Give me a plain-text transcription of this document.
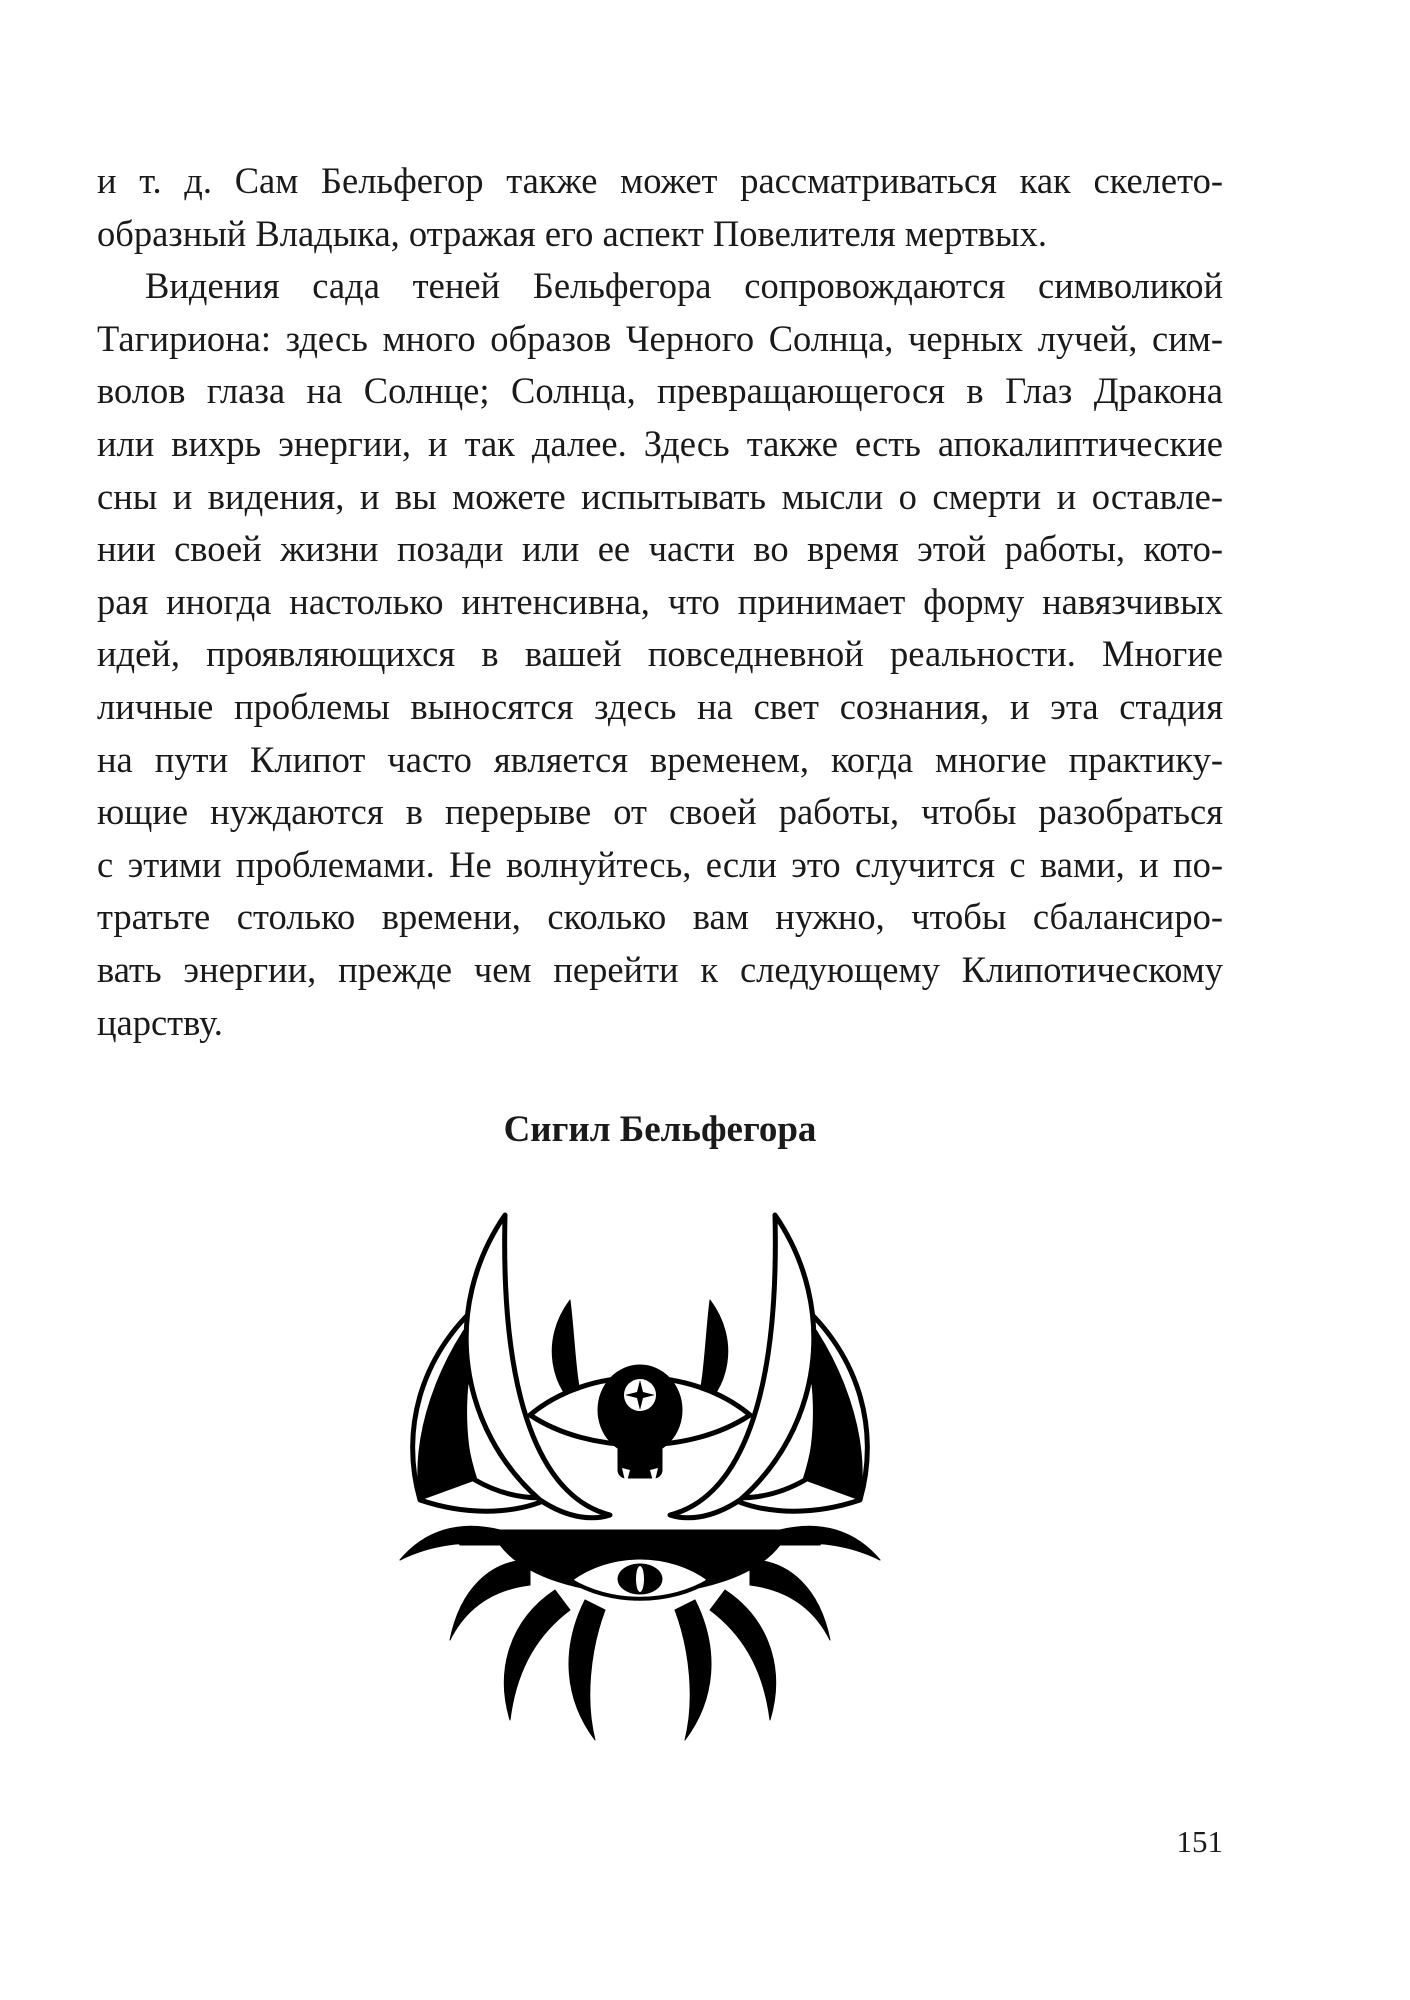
и т. д. Сам Бельфегор также может рассматриваться как скелето-
образный Владыка, отражая его аспект Повелителя мертвых.
Видения сада теней Бельфегора сопровождаются символикой
Тагириона: здесь много образов Черного Солнца, черных лучей, сим-
волов глаза на Солнце; Солнца, превращающегося в Глаз Дракона
или вихрь энергии, и так далее. Здесь также есть апокалиптические
сны и видения, и вы можете испытывать мысли о смерти и оставле-
нии своей жизни позади или ее части во время этой работы, кото-
рая иногда настолько интенсивна, что принимает форму навязчивых
идей, проявляющихся в вашей повседневной реальности. Многие
личные проблемы выносятся здесь на свет сознания, и эта стадия
на пути Клипот часто является временем, когда многие практику-
ющие нуждаются в перерыве от своей работы, чтобы разобраться
с этими проблемами. Не волнуйтесь, если это случится с вами, и по-
тратьте столько времени, сколько вам нужно, чтобы сбалансиро-
вать энергии, прежде чем перейти к следующему Клипотическому
царству.
Сигил Бельфегора
151
